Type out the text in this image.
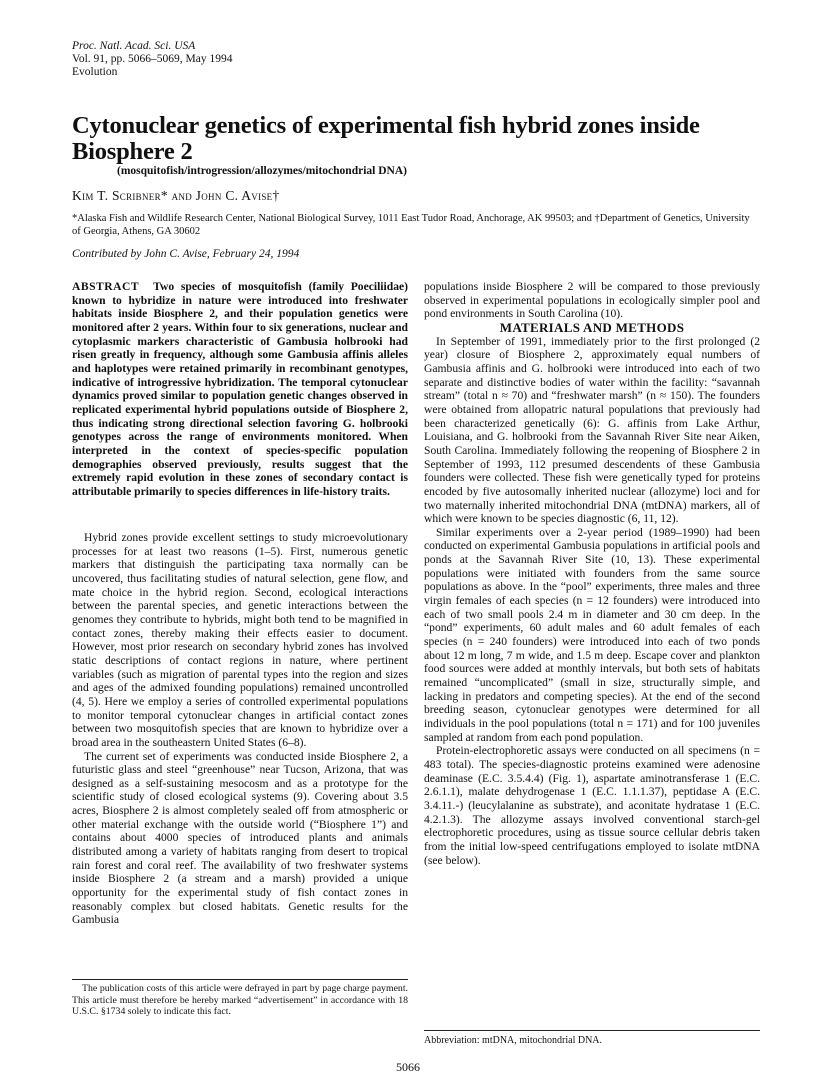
Proc. Natl. Acad. Sci. USA
Vol. 91, pp. 5066–5069, May 1994
Evolution
Cytonuclear genetics of experimental fish hybrid zones inside Biosphere 2
(mosquitofish/introgression/allozymes/mitochondrial DNA)
Kim T. Scribner* and John C. Avise†
*Alaska Fish and Wildlife Research Center, National Biological Survey, 1011 East Tudor Road, Anchorage, AK 99503; and †Department of Genetics, University of Georgia, Athens, GA 30602
Contributed by John C. Avise, February 24, 1994

ABSTRACT Two species of mosquitofish (family Poeciliidae) known to hybridize in nature were introduced into freshwater habitats inside Biosphere 2, and their population genetics were monitored after 2 years. Within four to six generations, nuclear and cytoplasmic markers characteristic of Gambusia holbrooki had risen greatly in frequency, although some Gambusia affinis alleles and haplotypes were retained primarily in recombinant genotypes, indicative of introgressive hybridization. The temporal cytonuclear dynamics proved similar to population genetic changes observed in replicated experimental hybrid populations outside of Biosphere 2, thus indicating strong directional selection favoring G. holbrooki genotypes across the range of environments monitored. When interpreted in the context of species-specific population demographies observed previously, results suggest that the extremely rapid evolution in these zones of secondary contact is attributable primarily to species differences in life-history traits.

Hybrid zones provide excellent settings to study microevolutionary processes for at least two reasons (1–5). First, numerous genetic markers that distinguish the participating taxa normally can be uncovered, thus facilitating studies of natural selection, gene flow, and mate choice in the hybrid region. Second, ecological interactions between the parental species, and genetic interactions between the genomes they contribute to hybrids, might both tend to be magnified in contact zones, thereby making their effects easier to document. However, most prior research on secondary hybrid zones has involved static descriptions of contact regions in nature, where pertinent variables (such as migration of parental types into the region and sizes and ages of the admixed founding populations) remained uncontrolled (4, 5). Here we employ a series of controlled experimental populations to monitor temporal cytonuclear changes in artificial contact zones between two mosquitofish species that are known to hybridize over a broad area in the southeastern United States (6–8).

The current set of experiments was conducted inside Biosphere 2, a futuristic glass and steel “greenhouse” near Tucson, Arizona, that was designed as a self-sustaining mesocosm and as a prototype for the scientific study of closed ecological systems (9). Covering about 3.5 acres, Biosphere 2 is almost completely sealed off from atmospheric or other material exchange with the outside world (“Biosphere 1”) and contains about 4000 species of introduced plants and animals distributed among a variety of habitats ranging from desert to tropical rain forest and coral reef. The availability of two freshwater systems inside Biosphere 2 (a stream and a marsh) provided a unique opportunity for the experimental study of fish contact zones in reasonably complex but closed habitats. Genetic results for the Gambusia

populations inside Biosphere 2 will be compared to those previously observed in experimental populations in ecologically simpler pool and pond environments in South Carolina (10).

MATERIALS AND METHODS

In September of 1991, immediately prior to the first prolonged (2 year) closure of Biosphere 2, approximately equal numbers of Gambusia affinis and G. holbrooki were introduced into each of two separate and distinctive bodies of water within the facility: “savannah stream” (total n ≈ 70) and “freshwater marsh” (n ≈ 150). The founders were obtained from allopatric natural populations that previously had been characterized genetically (6): G. affinis from Lake Arthur, Louisiana, and G. holbrooki from the Savannah River Site near Aiken, South Carolina. Immediately following the reopening of Biosphere 2 in September of 1993, 112 presumed descendents of these Gambusia founders were collected. These fish were genetically typed for proteins encoded by five autosomally inherited nuclear (allozyme) loci and for two maternally inherited mitochondrial DNA (mtDNA) markers, all of which were known to be species diagnostic (6, 11, 12).

Similar experiments over a 2-year period (1989–1990) had been conducted on experimental Gambusia populations in artificial pools and ponds at the Savannah River Site (10, 13). These experimental populations were initiated with founders from the same source populations as above. In the “pool” experiments, three males and three virgin females of each species (n = 12 founders) were introduced into each of two small pools 2.4 m in diameter and 30 cm deep. In the “pond” experiments, 60 adult males and 60 adult females of each species (n = 240 founders) were introduced into each of two ponds about 12 m long, 7 m wide, and 1.5 m deep. Escape cover and plankton food sources were added at monthly intervals, but both sets of habitats remained “uncomplicated” (small in size, structurally simple, and lacking in predators and competing species). At the end of the second breeding season, cytonuclear genotypes were determined for all individuals in the pool populations (total n = 171) and for 100 juveniles sampled at random from each pond population.

Protein-electrophoretic assays were conducted on all specimens (n = 483 total). The species-diagnostic proteins examined were adenosine deaminase (E.C. 3.5.4.4) (Fig. 1), aspartate aminotransferase 1 (E.C. 2.6.1.1), malate dehydrogenase 1 (E.C. 1.1.1.37), peptidase A (E.C. 3.4.11.-) (leucylalanine as substrate), and aconitate hydratase 1 (E.C. 4.2.1.3). The allozyme assays involved conventional starch-gel electrophoretic procedures, using as tissue source cellular debris taken from the initial low-speed centrifugations employed to isolate mtDNA (see below).

The publication costs of this article were defrayed in part by page charge payment. This article must therefore be hereby marked “advertisement” in accordance with 18 U.S.C. §1734 solely to indicate this fact.

Abbreviation: mtDNA, mitochondrial DNA.
5066
